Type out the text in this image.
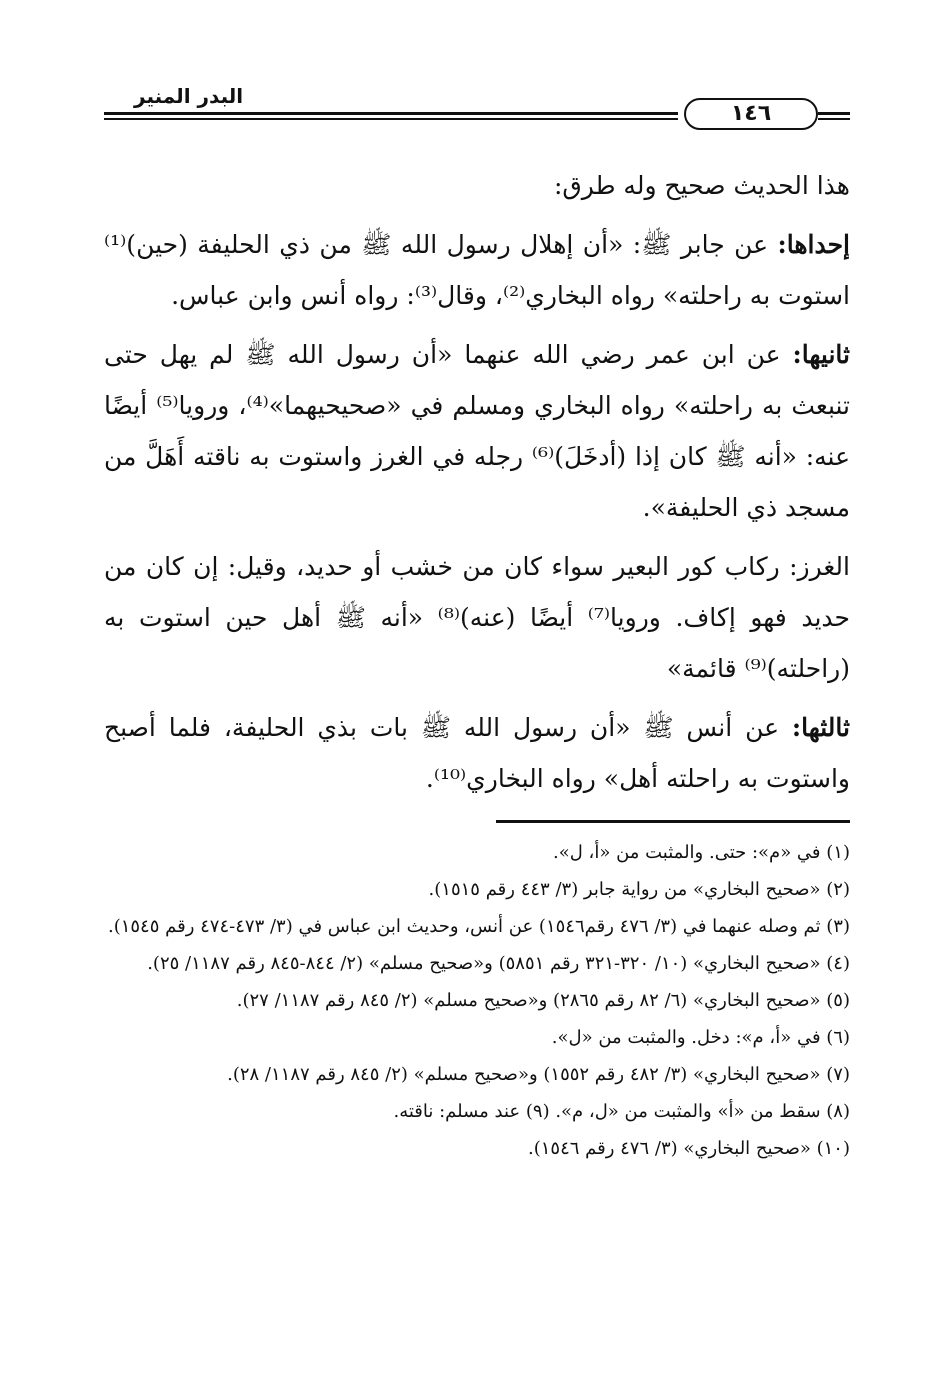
البدر المنير
١٤٦

هذا الحديث صحيح وله طرق:

إحداها: عن جابر ﷺ: «أن إهلال رسول الله ﷺ من ذي الحليفة (حين)⁽¹⁾ استوت به راحلته» رواه البخاري⁽²⁾، وقال⁽³⁾: رواه أنس وابن عباس.

ثانيها: عن ابن عمر رضي الله عنهما «أن رسول الله ﷺ لم يهل حتى تنبعث به راحلته» رواه البخاري ومسلم في «صحيحيهما»⁽⁴⁾، ورويا⁽⁵⁾ أيضًا عنه: «أنه ﷺ كان إذا (أدخَلَ)⁽⁶⁾ رجله في الغرز واستوت به ناقته أَهَلَّ من مسجد ذي الحليفة».

الغرز: ركاب كور البعير سواء كان من خشب أو حديد، وقيل: إن كان من حديد فهو إكاف. ورويا⁽⁷⁾ أيضًا (عنه)⁽⁸⁾ «أنه ﷺ أهل حين استوت به (راحلته)⁽⁹⁾ قائمة»

ثالثها: عن أنس ﷺ «أن رسول الله ﷺ بات بذي الحليفة، فلما أصبح واستوت به راحلته أهل» رواه البخاري⁽¹⁰⁾.

(١) في «م»: حتى. والمثبت من «أ، ل».

(٢) «صحيح البخاري» من رواية جابر (٣/ ٤٤٣ رقم ١٥١٥).

(٣) ثم وصله عنهما في (٣/ ٤٧٦ رقم١٥٤٦) عن أنس، وحديث ابن عباس في (٣/ ٤٧٣-٤٧٤ رقم ١٥٤٥).

(٤) «صحيح البخاري» (١٠/ ٣٢٠-٣٢١ رقم ٥٨٥١) و«صحيح مسلم» (٢/ ٨٤٤-٨٤٥ رقم ١١٨٧/ ٢٥).

(٥) «صحيح البخاري» (٦/ ٨٢ رقم ٢٨٦٥) و«صحيح مسلم» (٢/ ٨٤٥ رقم ١١٨٧/ ٢٧).

(٦) في «أ، م»: دخل. والمثبت من «ل».

(٧) «صحيح البخاري» (٣/ ٤٨٢ رقم ١٥٥٢) و«صحيح مسلم» (٢/ ٨٤٥ رقم ١١٨٧/ ٢٨).

(٨) سقط من «أ» والمثبت من «ل، م». (٩) عند مسلم: ناقته.

(١٠) «صحيح البخاري» (٣/ ٤٧٦ رقم ١٥٤٦).
